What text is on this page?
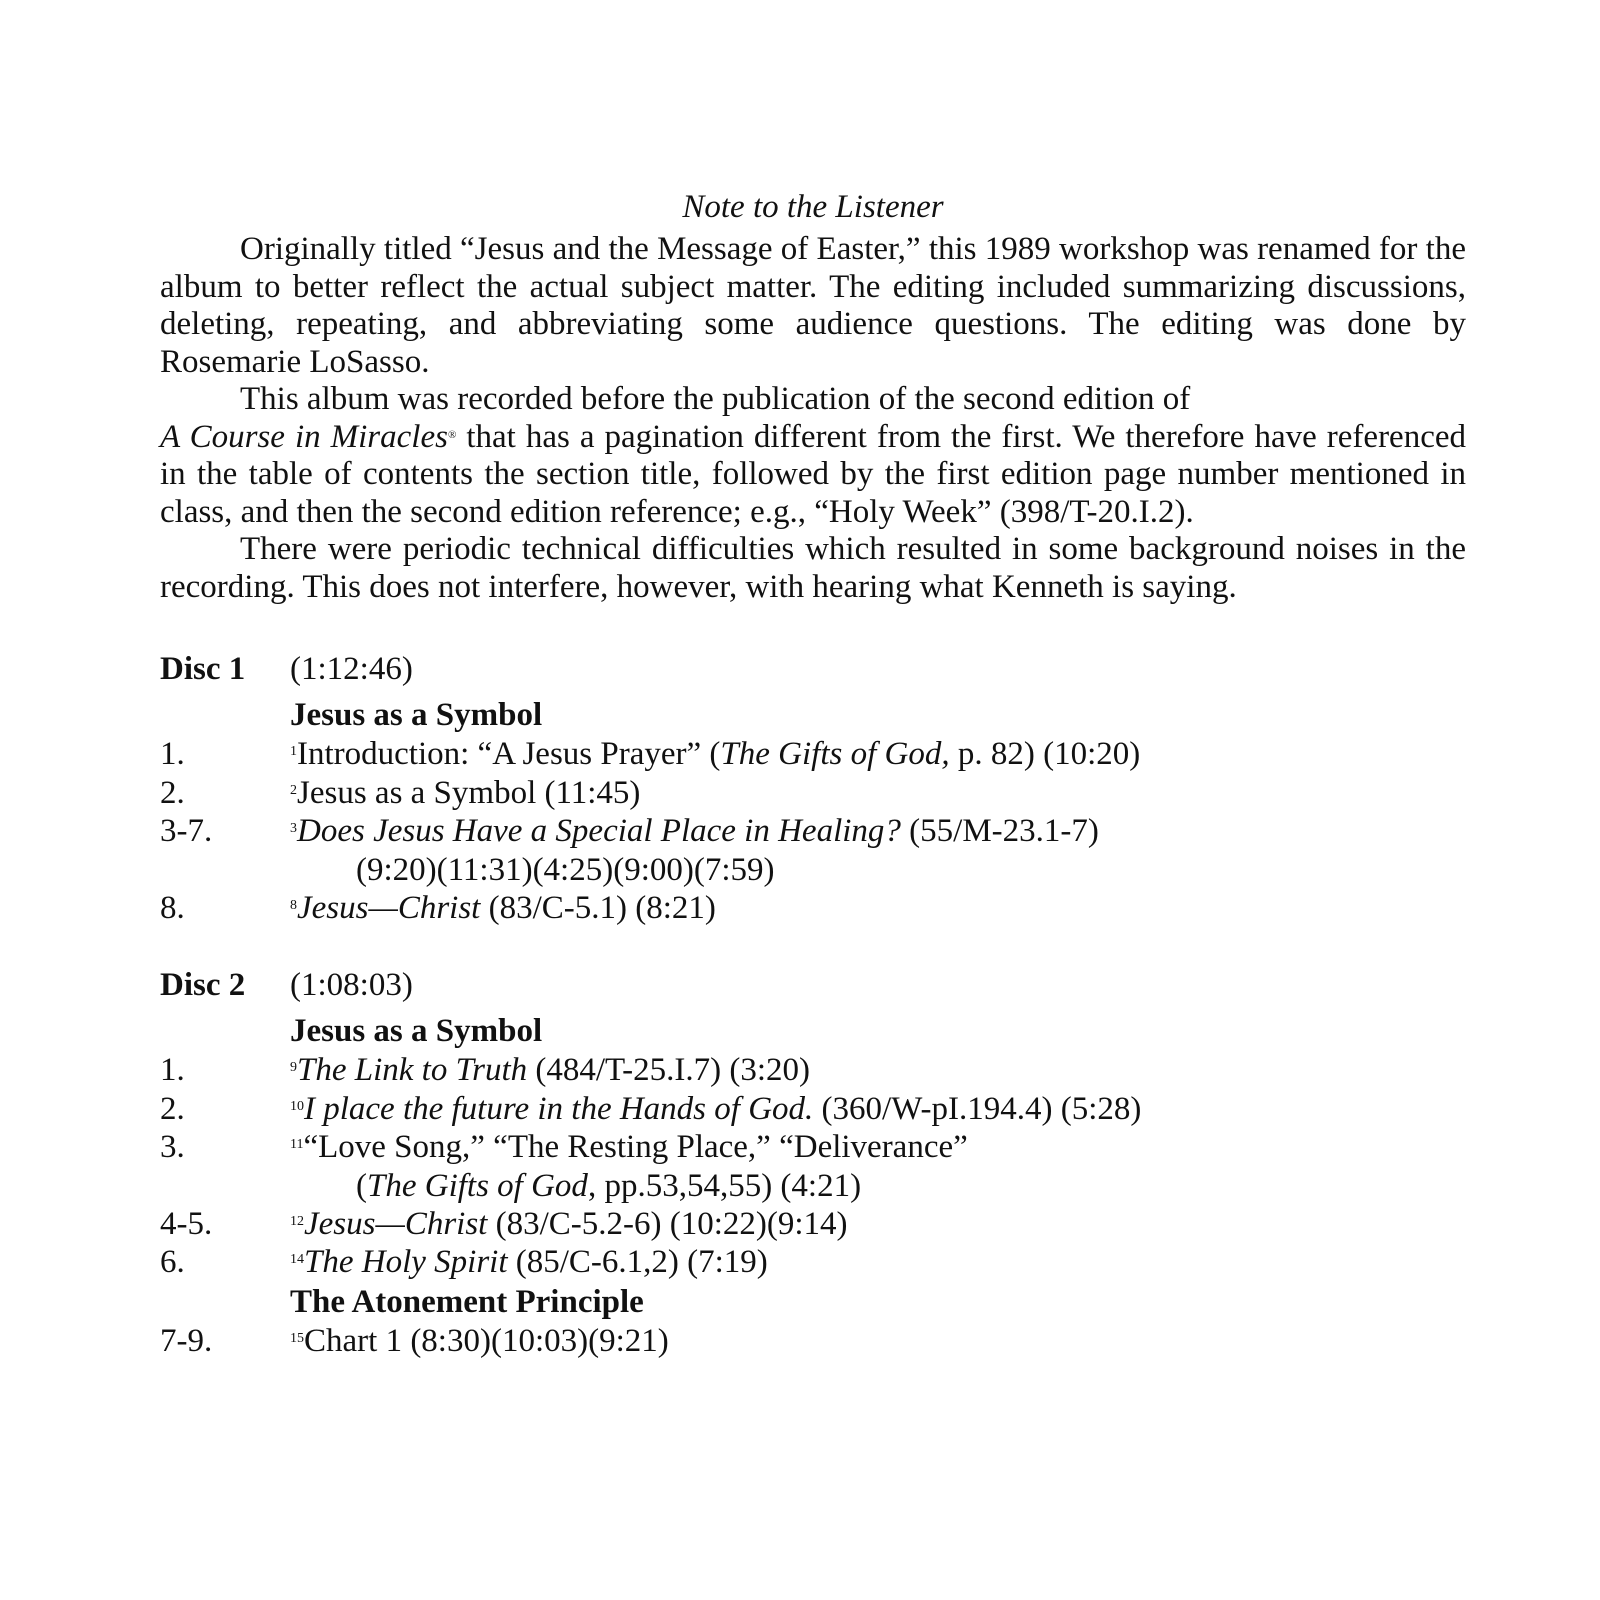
Note to the Listener

Originally titled “Jesus and the Message of Easter,” this 1989 workshop was renamed for the album to better reflect the actual subject matter. The editing included summarizing discussions, deleting, repeating, and abbreviating some audience questions. The editing was done by Rosemarie LoSasso.

This album was recorded before the publication of the second edition of
A Course in Miracles® that has a pagination different from the first. We therefore have referenced in the table of contents the section title, followed by the first edition page number mentioned in class, and then the second edition reference; e.g., “Holy Week” (398/T-20.I.2).

There were periodic technical difficulties which resulted in some background noises in the recording. This does not interfere, however, with hearing what Kenneth is saying.

Disc 1	(1:12:46)
Jesus as a Symbol
1.	$^1$Introduction: “A Jesus Prayer” (The Gifts of God, p. 82) (10:20)
2.	$^2$Jesus as a Symbol (11:45)
3-7.	$^3$Does Jesus Have a Special Place in Healing? (55/M-23.1-7)
(9:20)(11:31)(4:25)(9:00)(7:59)
8.	$^8$Jesus—Christ (83/C-5.1) (8:21)
Disc 2	(1:08:03)
Jesus as a Symbol
1.	$^9$The Link to Truth (484/T-25.I.7) (3:20)
2.	$^{10}$I place the future in the Hands of God. (360/W-pI.194.4) (5:28)
3.	$^{11}$“Love Song,” “The Resting Place,” “Deliverance”
(The Gifts of God, pp.53,54,55) (4:21)
4-5.	$^{12}$Jesus—Christ (83/C-5.2-6) (10:22)(9:14)
6.	$^{14}$The Holy Spirit (85/C-6.1,2) (7:19)
The Atonement Principle
7-9.	$^{15}$Chart 1 (8:30)(10:03)(9:21)
